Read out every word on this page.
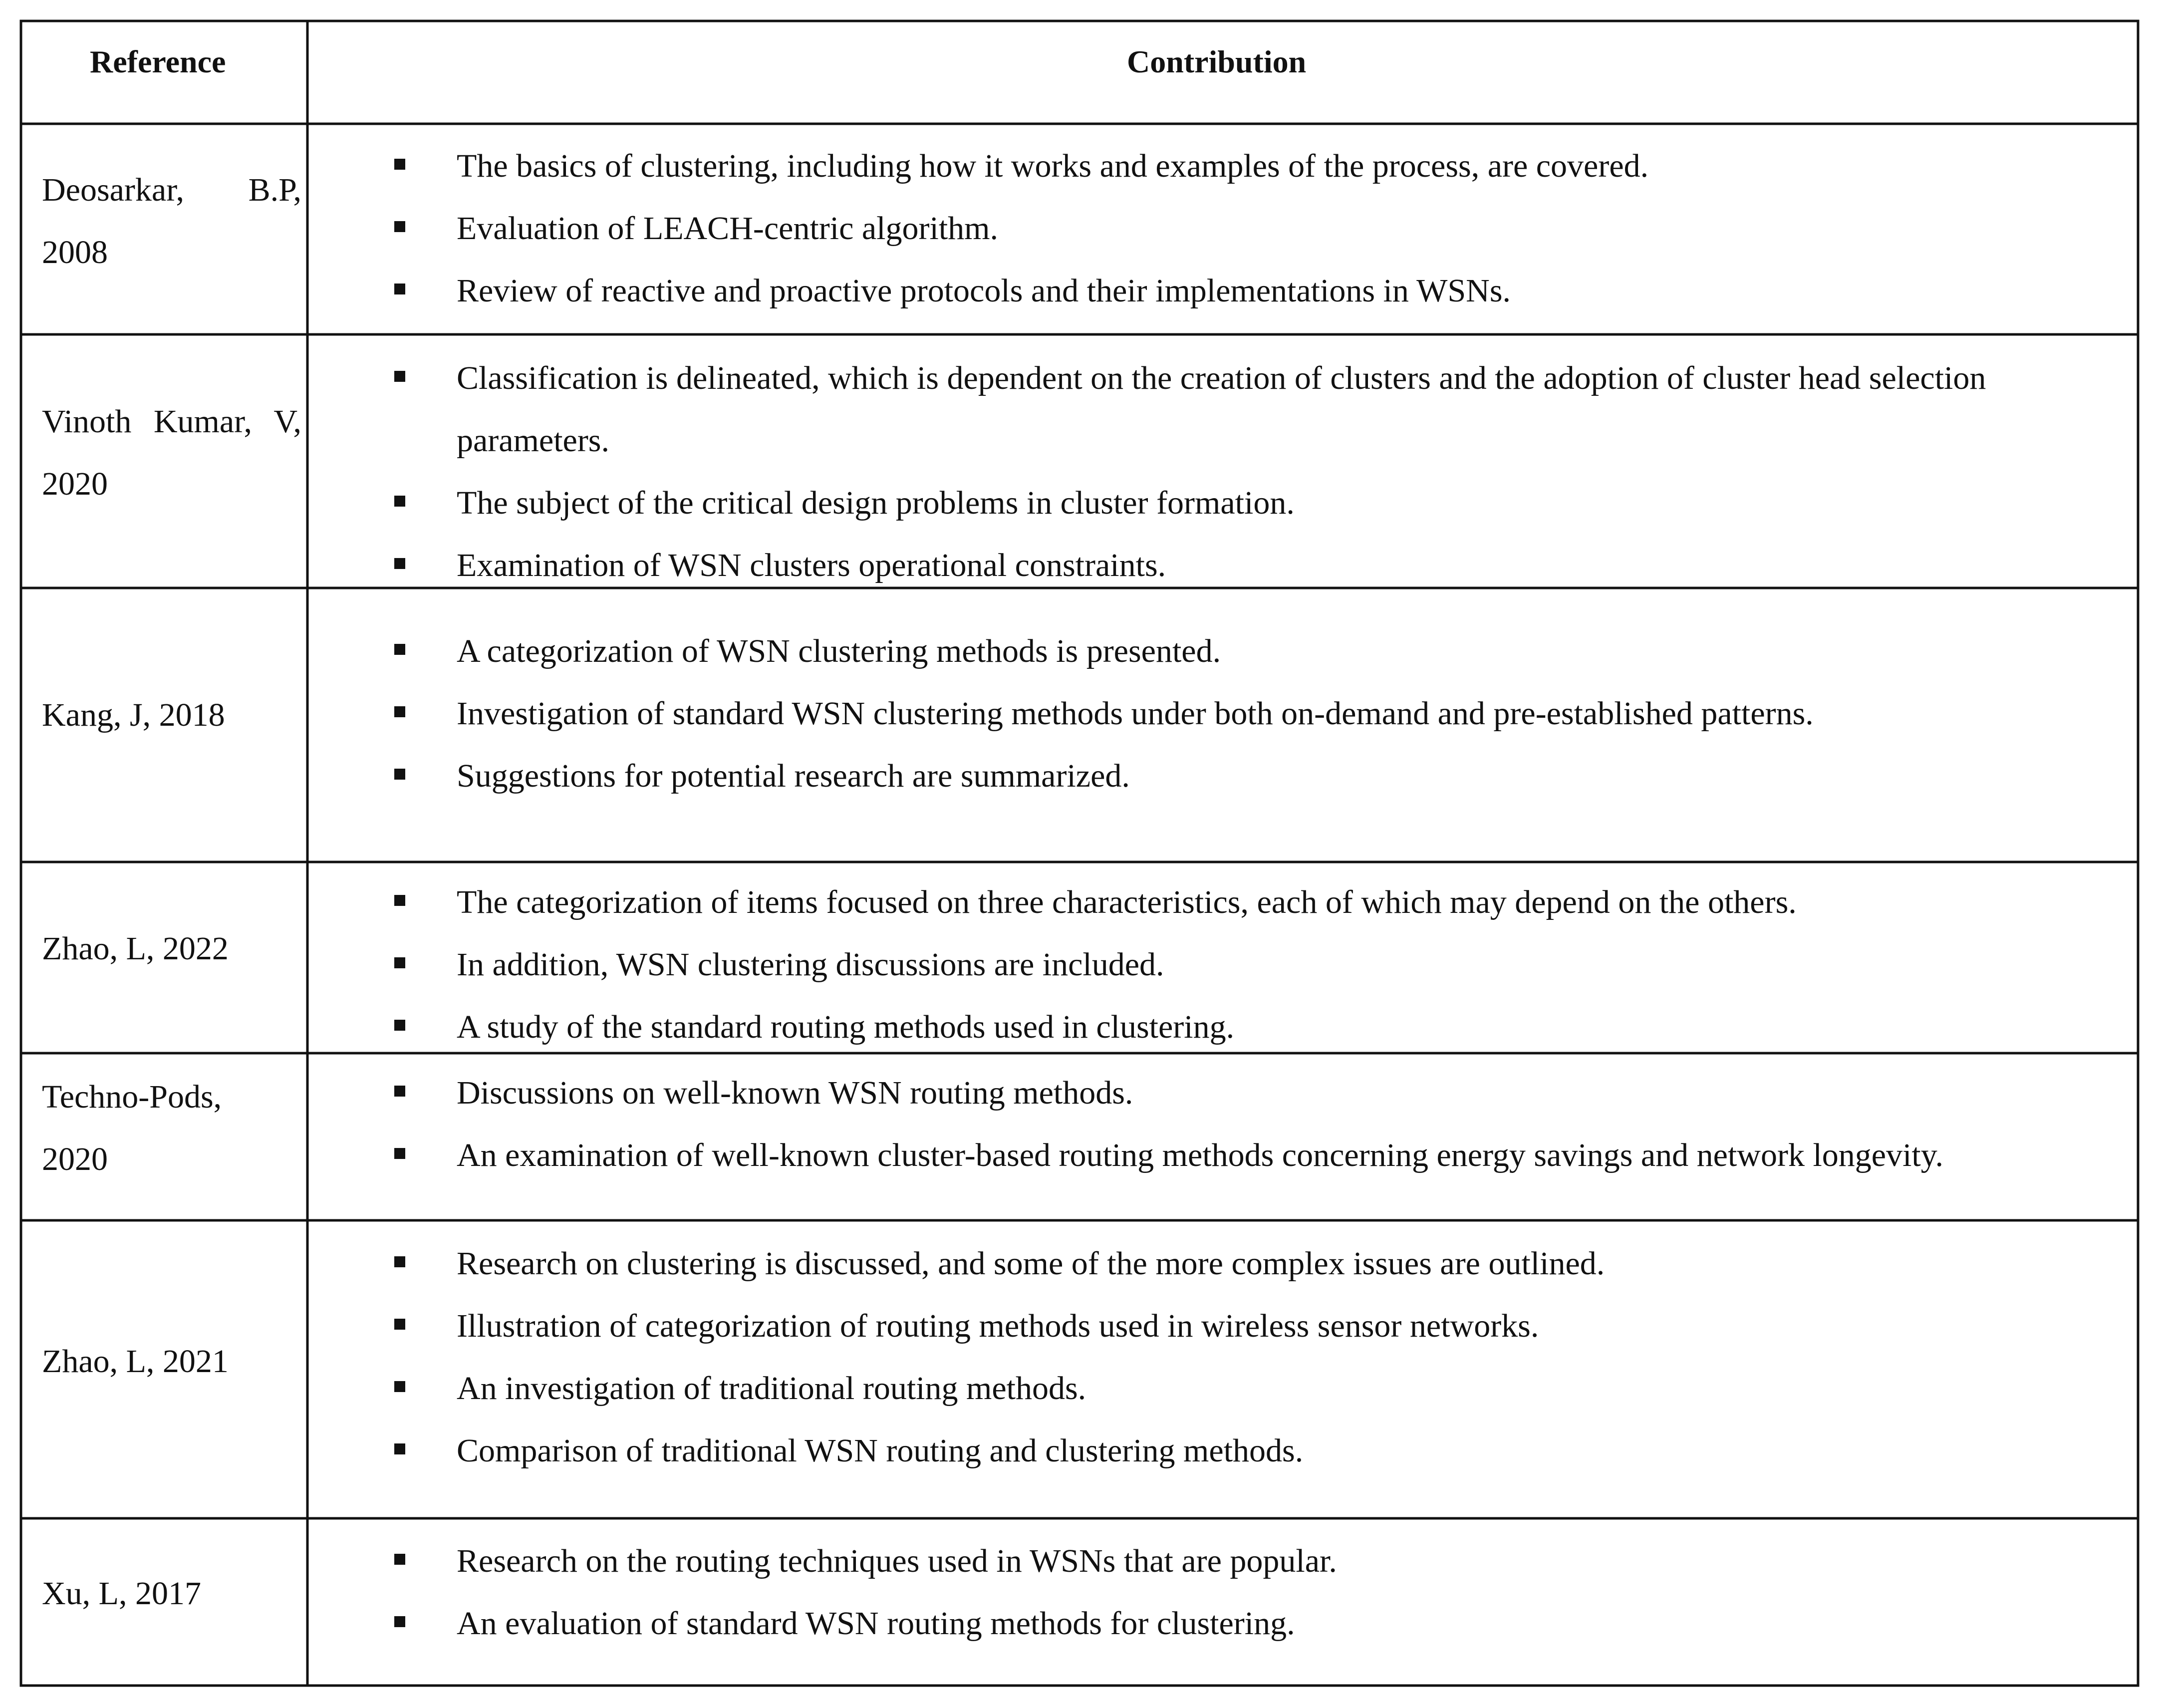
Reference	Contribution
Deosarkar, B.P, 2008
The basics of clustering, including how it works and examples of the process, are covered.
Evaluation of LEACH-centric algorithm.
Review of reactive and proactive protocols and their implementations in WSNs.
Vinoth Kumar, V, 2020
Classification is delineated, which is dependent on the creation of clusters and the adoption of cluster head selection
parameters.
The subject of the critical design problems in cluster formation.
Examination of WSN clusters operational constraints.
Kang, J, 2018
A categorization of WSN clustering methods is presented.
Investigation of standard WSN clustering methods under both on-demand and pre-established patterns.
Suggestions for potential research are summarized.
Zhao, L, 2022
The categorization of items focused on three characteristics, each of which may depend on the others.
In addition, WSN clustering discussions are included.
A study of the standard routing methods used in clustering.
Techno-Pods, 2020
Discussions on well-known WSN routing methods.
An examination of well-known cluster-based routing methods concerning energy savings and network longevity.
Zhao, L, 2021
Research on clustering is discussed, and some of the more complex issues are outlined.
Illustration of categorization of routing methods used in wireless sensor networks.
An investigation of traditional routing methods.
Comparison of traditional WSN routing and clustering methods.
Xu, L, 2017
Research on the routing techniques used in WSNs that are popular.
An evaluation of standard WSN routing methods for clustering.
